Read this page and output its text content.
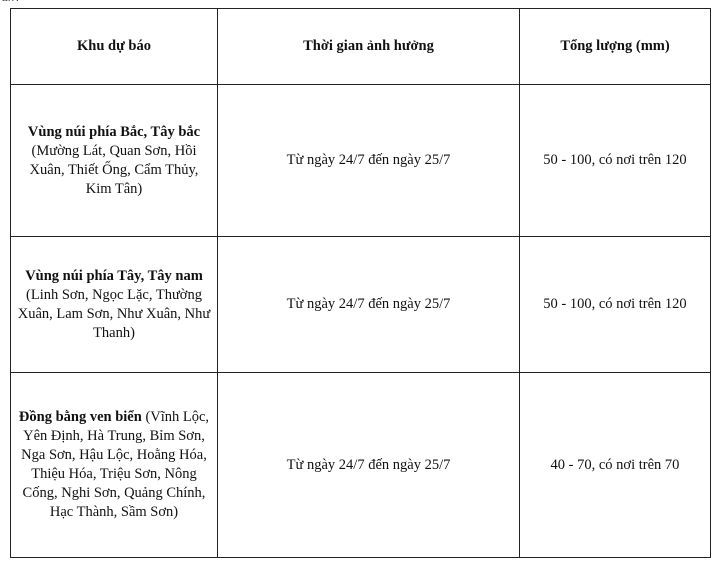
Khu dự báo	Thời gian ảnh hưởng	Tổng lượng (mm)
Vùng núi phía Bắc, Tây bắc (Mường Lát, Quan Sơn, Hồi Xuân, Thiết Ống, Cẩm Thủy, Kim Tân)	Từ ngày 24/7 đến ngày 25/7	50 - 100, có nơi trên 120
Vùng núi phía Tây, Tây nam (Linh Sơn, Ngọc Lặc, Thường Xuân, Lam Sơn, Như Xuân, Như Thanh)	Từ ngày 24/7 đến ngày 25/7	50 - 100, có nơi trên 120
Đồng bằng ven biển (Vĩnh Lộc, Yên Định, Hà Trung, Bỉm Sơn, Nga Sơn, Hậu Lộc, Hoằng Hóa, Thiệu Hóa, Triệu Sơn, Nông Cống, Nghi Sơn, Quảng Chính, Hạc Thành, Sầm Sơn)	Từ ngày 24/7 đến ngày 25/7	40 - 70, có nơi trên 70
